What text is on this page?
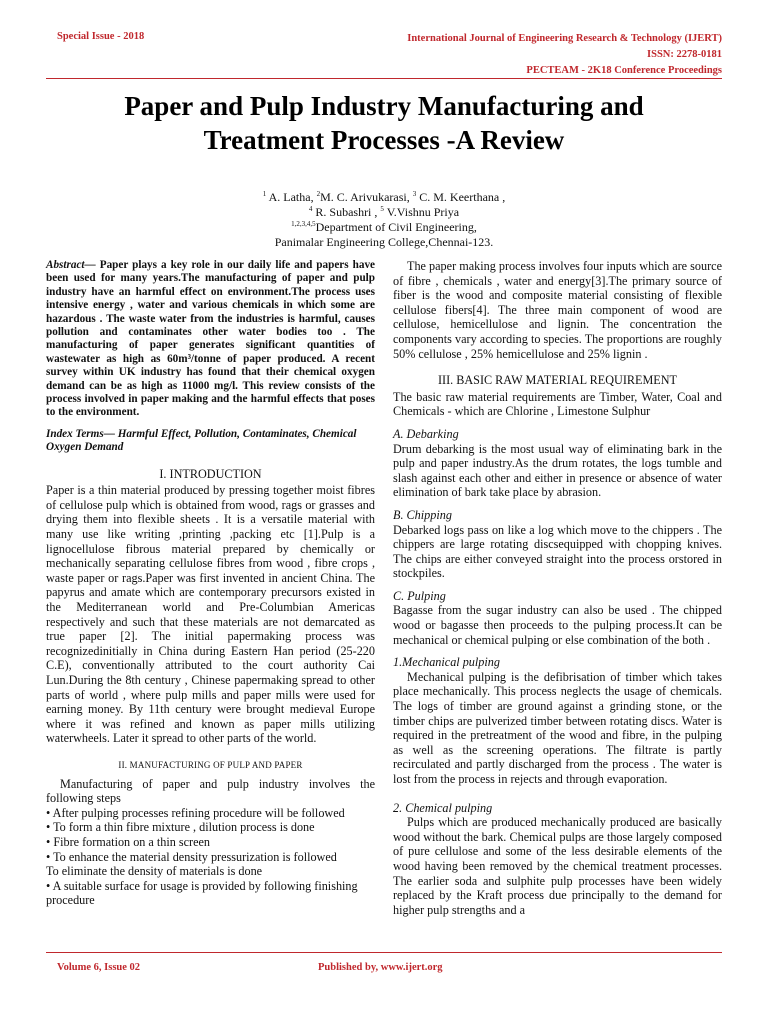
Special Issue - 2018	International Journal of Engineering Research & Technology (IJERT)
ISSN: 2278-0181
PECTEAM - 2K18 Conference Proceedings
Paper and Pulp Industry Manufacturing and
Treatment Processes -A Review
$^1$ A. Latha, $^2$M. C. Arivukarasi, $^3$ C. M. Keerthana ,
$^4$ R. Subashri , $^5$ V.Vishnu Priya
$^{1,2,3,4,5}$Department of Civil Engineering,
Panimalar Engineering College,Chennai-123.

Abstract— Paper plays a key role in our daily life and papers have been used for many years.The manufacturing of paper and pulp industry have an harmful effect on environment.The process uses intensive energy , water and various chemicals in which some are hazardous . The waste water from the industries is harmful, causes pollution and contaminates other water bodies too . The manufacturing of paper generates significant quantities of wastewater as high as 60m³/tonne of paper produced. A recent survey within UK industry has found that their chemical oxygen demand can be as high as 11000 mg/l. This review consists of the process involved in paper making and the harmful effects that poses to the environment.

Index Terms— Harmful Effect, Pollution, Contaminates, Chemical Oxygen Demand

I. INTRODUCTION

Paper is a thin material produced by pressing together moist fibres of cellulose pulp which is obtained from wood, rags or grasses and drying them into flexible sheets . It is a versatile material with many use like writing ,printing ,packing etc [1].Pulp is a lignocellulose fibrous material prepared by chemically or mechanically separating cellulose fibres from wood , fibre crops , waste paper or rags.Paper was first invented in ancient China. The papyrus and amate which are contemporary precursors existed in the Mediterranean world and Pre-Columbian Americas respectively and such that these materials are not demarcated as true paper [2]. The initial papermaking process was recognizedinitially in China during Eastern Han period (25-220 C.E), conventionally attributed to the court authority Cai Lun.During the 8th century , Chinese papermaking spread to other parts of world , where pulp mills and paper mills were used for earning money. By 11th century were brought medieval Europe where it was refined and known as paper mills utilizing waterwheels. Later it spread to other parts of the world.

II. MANUFACTURING OF PULP AND PAPER

Manufacturing of paper and pulp industry involves the following steps

• After pulping processes refining procedure will be followed
• To form a thin fibre mixture , dilution process is done
• Fibre formation on a thin screen
• To enhance the material density pressurization is followed
To eliminate the density of materials is done
• A suitable surface for usage is provided by following finishing procedure

The paper making process involves four inputs which are source of fibre , chemicals , water and energy[3].The primary source of fiber is the wood and composite material consisting of flexible cellulose fibers[4]. The three main component of wood are cellulose, hemicellulose and lignin. The concentration the components vary according to species. The proportions are roughly 50% cellulose , 25% hemicellulose and 25% lignin .

III. BASIC RAW MATERIAL REQUIREMENT

The basic raw material requirements are Timber, Water, Coal and Chemicals - which are Chlorine , Limestone Sulphur

A. Debarking

Drum debarking is the most usual way of eliminating bark in the pulp and paper industry.As the drum rotates, the logs tumble and slash against each other and either in presence or absence of water elimination of bark take place by abrasion.

B. Chipping

Debarked logs pass on like a log which move to the chippers . The chippers are large rotating discsequipped with chopping knives. The chips are either conveyed straight into the process orstored in stockpiles.

C. Pulping

Bagasse from the sugar industry can also be used . The chipped wood or bagasse then proceeds to the pulping process.It can be mechanical or chemical pulping or else combination of the both .

1.Mechanical pulping

Mechanical pulping is the defibrisation of timber which takes place mechanically. This process neglects the usage of chemicals. The logs of timber are ground against a grinding stone, or the timber chips are pulverized timber between rotating discs. Water is required in the pretreatment of the wood and fibre, in the pulping as well as the screening operations. The filtrate is partly recirculated and partly discharged from the process . The water is lost from the process in rejects and through evaporation.

2. Chemical pulping

Pulps which are produced mechanically produced are basically wood without the bark. Chemical pulps are those largely composed of pure cellulose and some of the less desirable elements of the wood having been removed by the chemical treatment processes. The earlier soda and sulphite pulp processes have been widely replaced by the Kraft process due principally to the demand for higher pulp strengths and a

Volume 6, Issue 02	Published by, www.ijert.org
